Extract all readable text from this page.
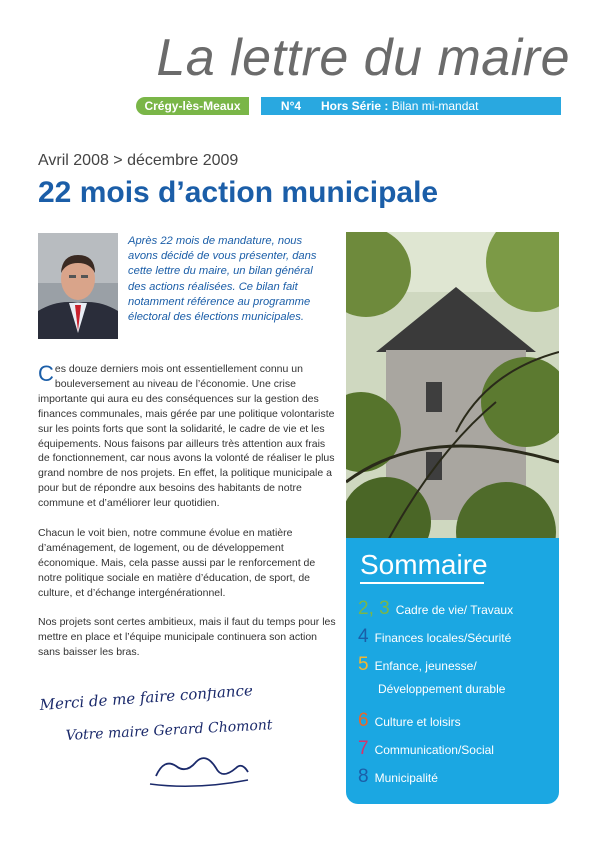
La lettre du maire
Crégy-lès-Meaux	N°4 Hors Série : Bilan mi-mandat
Avril 2008 > décembre 2009
22 mois d’action municipale
Après 22 mois de mandature, nous avons décidé de vous présenter, dans cette lettre du maire, un bilan général des actions réalisées. Ce bilan fait notamment référence au programme électoral des élections municipales.

Ces douze derniers mois ont essentiellement connu un bouleversement au niveau de l’économie. Une crise importante qui aura eu des conséquences sur la gestion des finances communales, mais gérée par une politique volontariste sur les points forts que sont la solidarité, le cadre de vie et les équipements. Nous faisons par ailleurs très attention aux frais de fonctionnement, car nous avons la volonté de réaliser le plus grand nombre de nos projets. En effet, la politique municipale a pour but de répondre aux besoins des habitants de notre commune et d’améliorer leur quotidien.

Chacun le voit bien, notre commune évolue en matière d’aménagement, de logement, ou de développement économique. Mais, cela passe aussi par le renforcement de notre politique sociale en matière d’éducation, de sport, de culture, et d’échange intergénérationnel.

Nos projets sont certes ambitieux, mais il faut du temps pour les mettre en place et l’équipe municipale continuera son action sans baisser les bras.

Sommaire
2, 3 Cadre de vie/ Travaux
4 Finances locales/Sécurité
5 Enfance, jeunesse/
Développement durable
6 Culture et loisirs
7 Communication/Social
8 Municipalité
Merci de me faire confiance
Votre maire Gerard Chomont
